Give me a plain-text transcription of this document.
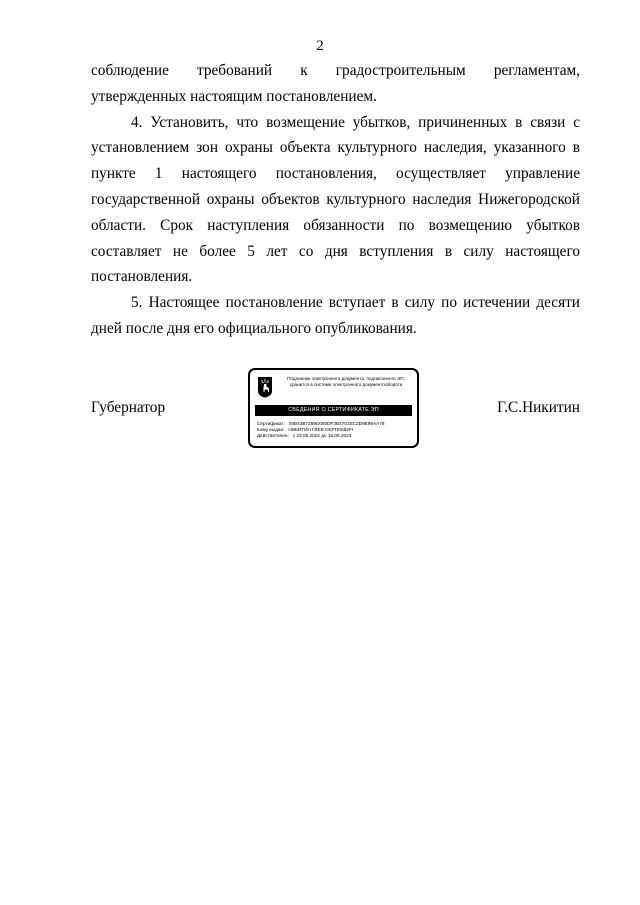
2

соблюдение требований к градостроительным регламентам, утвержденных настоящим постановлением.

4. Установить, что возмещение убытков, причиненных в связи с установлением зон охраны объекта культурного наследия, указанного в пункте 1 настоящего постановления, осуществляет управление государственной охраны объектов культурного наследия Нижегородской области. Срок наступления обязанности по возмещению убытков составляет не более 5 лет со дня вступления в силу настоящего постановления.

5. Настоящее постановление вступает в силу по истечении десяти дней после дня его официального опубликования.

Губернатор
Подлинник электронного документа, подписанного ЭП,
хранится в системе электронного документооборота
СВЕДЕНИЯ О СЕРТИФИКАТЕ ЭП
Сертификат: 00B43B7289D093DF3B4703SC2D9E99AA78
Кому выдан: НИКИТИН ГЛЕБ СЕРГЕЕВИЧ
Действителен: с 23.05.2022 до 16.08.2023
Г.С.Никитин
